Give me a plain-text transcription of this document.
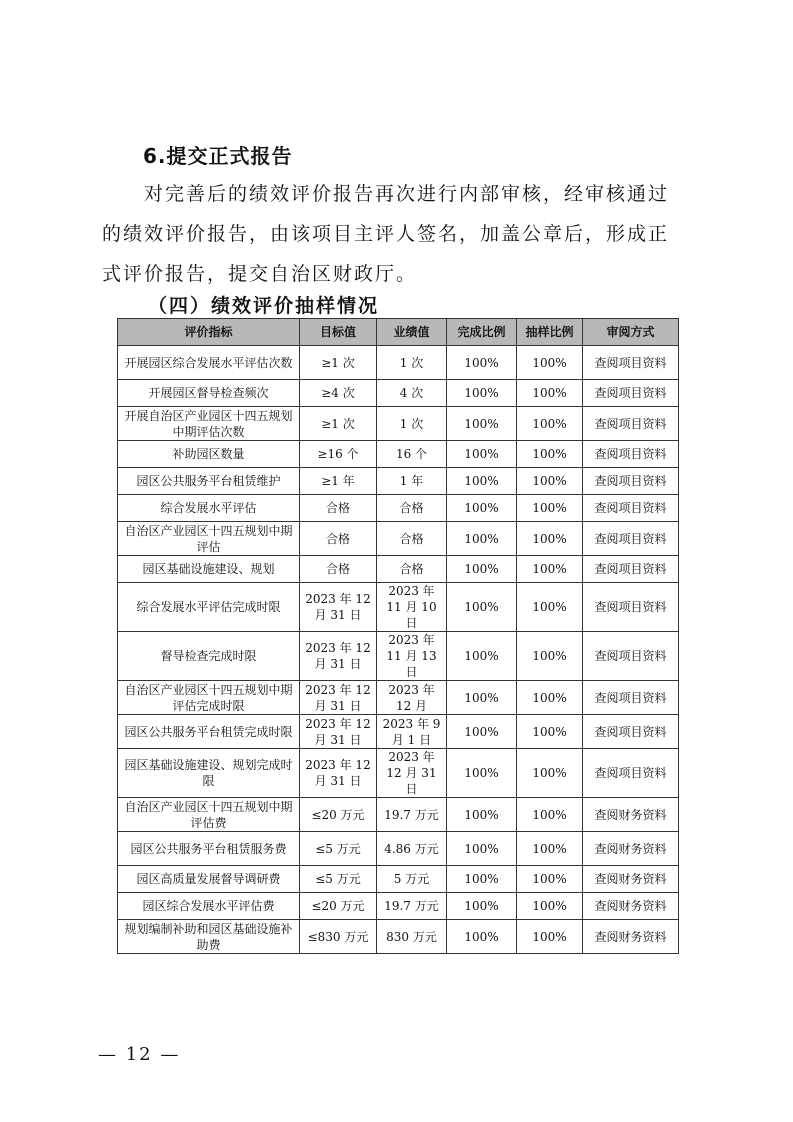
6.提交正式报告

对完善后的绩效评价报告再次进行内部审核，经审核通过
的绩效评价报告，由该项目主评人签名，加盖公章后，形成正
式评价报告，提交自治区财政厅。

（四）绩效评价抽样情况
评价指标	目标值	业绩值	完成比例	抽样比例	审阅方式
开展园区综合发展水平评估次数	≥1 次	1 次	100%	100%	查阅项目资料
开展园区督导检查频次	≥4 次	4 次	100%	100%	查阅项目资料
开展自治区产业园区十四五规划中期评估次数	≥1 次	1 次	100%	100%	查阅项目资料
补助园区数量	≥16 个	16 个	100%	100%	查阅项目资料
园区公共服务平台租赁维护	≥1 年	1 年	100%	100%	查阅项目资料
综合发展水平评估	合格	合格	100%	100%	查阅项目资料
自治区产业园区十四五规划中期评估	合格	合格	100%	100%	查阅项目资料
园区基础设施建设、规划	合格	合格	100%	100%	查阅项目资料
综合发展水平评估完成时限	2023 年 12 月 31 日	2023 年 11 月 10 日	100%	100%	查阅项目资料
督导检查完成时限	2023 年 12 月 31 日	2023 年 11 月 13 日	100%	100%	查阅项目资料
自治区产业园区十四五规划中期评估完成时限	2023 年 12 月 31 日	2023 年 12 月	100%	100%	查阅项目资料
园区公共服务平台租赁完成时限	2023 年 12 月 31 日	2023 年 9 月 1 日	100%	100%	查阅项目资料
园区基础设施建设、规划完成时限	2023 年 12 月 31 日	2023 年 12 月 31 日	100%	100%	查阅项目资料
自治区产业园区十四五规划中期评估费	≤20 万元	19.7 万元	100%	100%	查阅财务资料
园区公共服务平台租赁服务费	≤5 万元	4.86 万元	100%	100%	查阅财务资料
园区高质量发展督导调研费	≤5 万元	5 万元	100%	100%	查阅财务资料
园区综合发展水平评估费	≤20 万元	19.7 万元	100%	100%	查阅财务资料
规划编制补助和园区基础设施补助费	≤830 万元	830 万元	100%	100%	查阅财务资料

— 12 —
